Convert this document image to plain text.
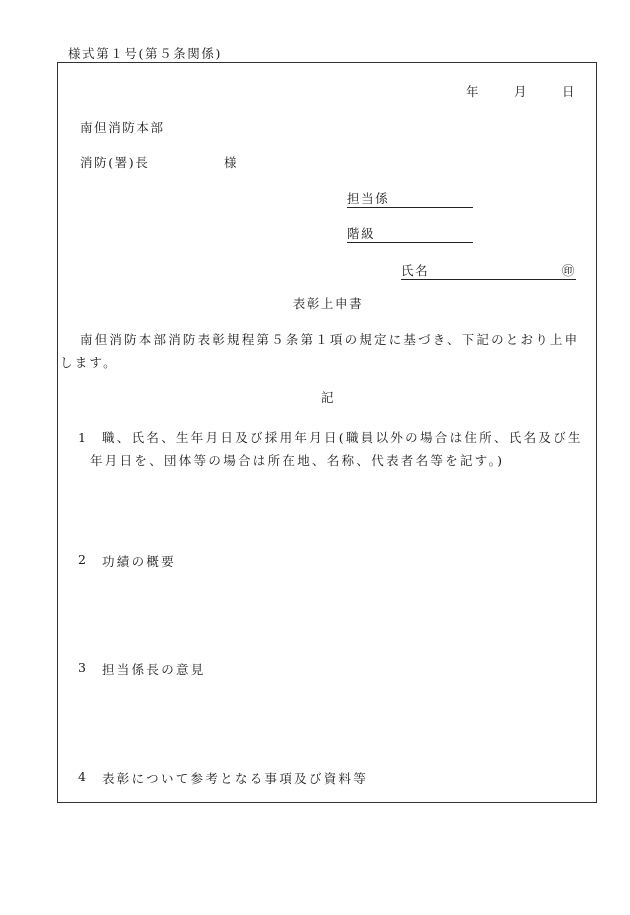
様式第１号(第５条関係)
年	月	日
南但消防本部
消防(署)長	様
担当係
階級
氏名	㊞
表彰上申書
南但消防本部消防表彰規程第５条第１項の規定に基づき、下記のとおり上申します。
記
1	職、氏名、生年月日及び採用年月日(職員以外の場合は住所、氏名及び生年月日を、団体等の場合は所在地、名称、代表者名等を記す。)
2 功績の概要
3 担当係長の意見
4 表彰について参考となる事項及び資料等
